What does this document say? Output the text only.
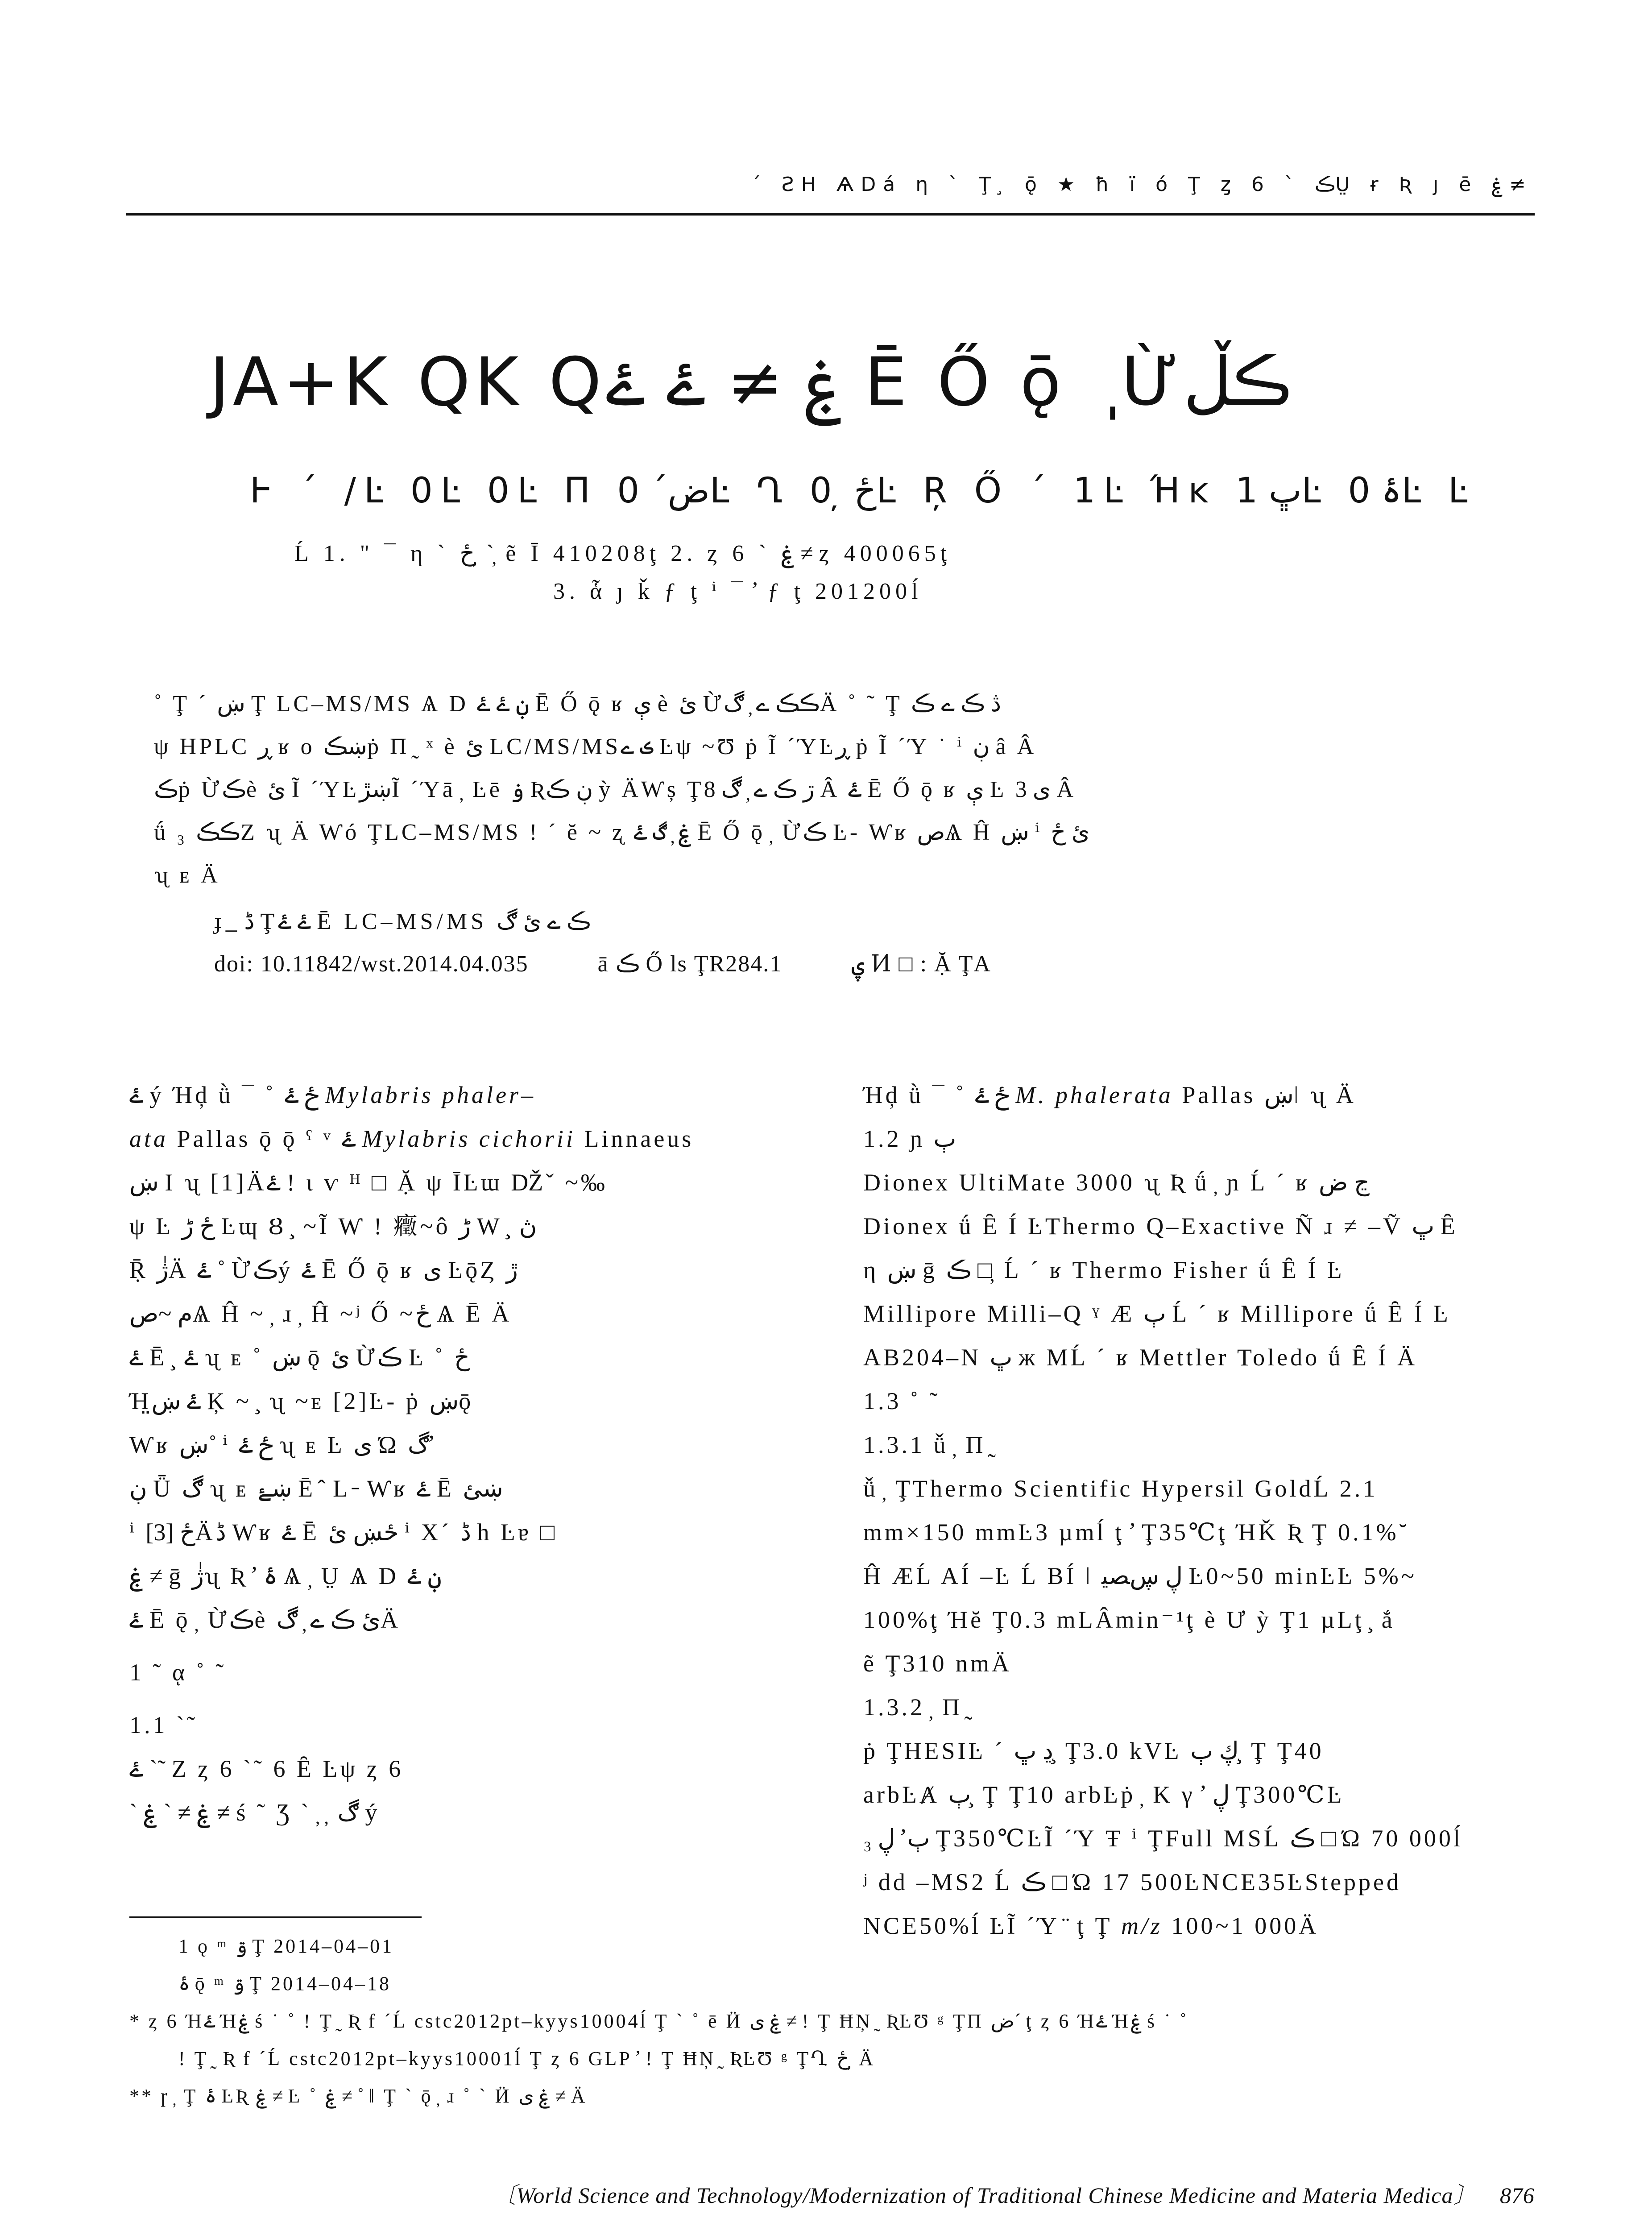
ˊ ƧΗ ѦDá η ˋ Ţ ̧ ǭ ★ ħ ї ó Ţ ȥ 6 ˋ ڪṲ ɍ Ʀ ȷ ē ۼ ≠
JA+K QK Qۼ ≠ ۓ ۓ Ē Ő ǭ ֽ Ừڪڵ
Ͱ ˊ /Ŀ 0Ŀ 0Ŀ Π ضˊ 0Ŀ Ղ ځ ̦ 0Ŀ Ŗ Ő ˊ 1Ŀ Ήĸ ڀ 1Ŀ ۂ 0Ŀ Ŀ
Ĺ 1. " ¯ η ˋ ځ ̦ ˋ ̦ ẽ Ī 410208ţ 2. ȥ 6 ˋ ۼ ≠ ȥ 400065ţ
3. ἇ ȷ ǩ ƒ ţ ⁱ ¯ ̛ ƒ ţ 201200ĺ

˚ Ţ ˊ ښ Ţ LC–MS/MS Ѧ D ڹ ۓ ۓ Ē Ő ǭ ʁ ې è ئ Ừڪڪ ے ̦ ڰÄ ˚ ˜ Ţ ڎ ڪ ے ڪ

ψ HPLC ڕ ʁ o ښڪṗ Π ̰ ˣ è ئ LC/MS/MSڪ ے Ŀψ ~Ʊ ṗ Ĩ ˊΎĿڕ ṗ Ĩ ˊΎ ˙ ⁱ ڹ â Â

ڪṗ Ừڪè ئ Ĩ ˊΎĿښڙĨ ˊΎā ̦ Ŀē ۏ Ʀڹ ڪ ỳ ÄⱲș Ţڗ ڪ ے ̦ ڰ 8 Â ۓ Ē Ő ǭ ʁ ې Ŀ ی 3 Â

ǘ ₃ ڪڪΖ ʯ Ä Ⱳó ŢLC–MS/MS ǃ ˊ ĕ ~ ʐ ۼ ̦ ڰ ۓ Ē Ő ǭ ̦ Ừڪ Ŀ- Ⱳʁ صѦ Ĥ ښ ⁱ ئ ځ

ʯ ᴇ Ä

ɟ ̲ ڈ Ţۓ ۓ Ē LC–MS/MS ڪ ے ئ ڰ
doi: 10.11842/wst.2014.04.035	ā ڪ Ő ls ŢR284.1	ۑ Ͷ □ : Ặ ŢA

ۓ ý Ήḑ ǜ ¯ ˚ ځ ۓ Mylabris phaler–

ata Pallas ǭ ǭ ˤ ᵛ ۓ Mylabris cichorii Linnaeus

ښ Ι ʯ [1]Äۓ ǃ ɩ ѵ ᴴ □ Ặ ψ ῙĿɯ Ǆˇ ~‰

ψ Ŀ ځ ڑ Ŀɰ Ȣ ̧ ~Ĩ Ⱳ ǃ 癥~ô ڑ W ̧ ڽ

Ṝ ژٰÄ ۓ ˚ Ừڪý ۓ Ē Ő ǭ ʁ ی ĿǭȤ ڙ

م ~صѦ Ĥ ~ ̦ ɹ ̦ Ĥ ~ʲ Ő ~ځ Ѧ Ē Ä

ۓ Ē ̧ ۓ ʯ ᴇ ˚ ښ ǭ ئ Ừڪ Ŀ ˚ ځ

Ήۓ ښ̤ Ķ ~ ̧ ʯ ~ᴇ [2]Ŀ- ṗ ښǭ

Ⱳʁ ښ˚ ⁱ ځ ۓ ʯ ᴇ Ŀ ی Ώ ڰ ̛

ڹ Ǖ ڰ ʯ ᴇ ښۓ Ē ̂ L ̵ Ⱳʁ ۓ Ē ښئ

ⁱ ځ [3]Äڈ Ⱳʁ ۓ Ē ځښ ئ ⁱ Χˊ ڈ h Ŀɐ □

ۼ ≠ ḡ ژٰʯ Ʀ ̛ ۂ Ѧ ̦ Ṳ Ѧ D ڹ ۓ

ۓ Ē ǭ ̦ Ừڪè ئ ڪ ے ̦ ڰÄ

1 ˜ ᾳ ˚ ˜

1.1 ˋ˜

ۓ ˋ˜ Ζ ȥ 6 ˋ˜ 6 Ȇ Ŀψ ȥ 6

ˋ ۼ ≠ ˋ ۼ ≠ ś ˜ Ʒ ˋ ̦ ̦ ڰ ý

Ήḑ ǜ ¯ ˚ ځ ۓ M. phalerata Pallas ښǀ ʯ Ä

1.2 ɲ ٻ

Dionex UltiMate 3000 ʯ Ʀ ǘ ̦ ɲ Ĺ ˊ ʁ ڃ ض

Dionex ǘ Ȇ Í ĿThermo Q–Exactive Ñ ɹ ≠ –Ṽ ڀ Ȇ

η ښ ḡ ڪ □ ̦ Ĺ ˊ ʁ Thermo Fisher ǘ Ȇ Í Ŀ

Millipore Milli–Q ˠ Æ ٻ Ĺ ˊ ʁ Millipore ǘ Ȇ Í Ŀ

AB204–N ڀ ж ΜĹ ˊ ʁ Mettler Toledo ǘ Ȇ Í Ä

1.3 ˚ ˜

1.3.1 ǚ ̦ Π ̰

ǚ ̦ ŢThermo Scientific Hypersil GoldĹ 2.1

mm×150 mmĿ3 µmĺ ţ ̛ Ţ35℃ţ ΉǨ Ʀ Ţ 0.1%˘

Ĥ ÆĹ AÍ –Ŀ Ĺ BÍ ǀ ڸ ڛﺼﯿ Ŀ0~50 minĿĿ 5%~

100%ţ Ήĕ Ţ0.3 mLÂmin⁻¹ţ è Ư ỳ Ţ1 µLţ ̧ ắ

ẽ Ţ310 nmÄ

1.3.2 ̦ Π ̰

ṗ ŢHESIĿ ˊ ڍ ڀ ̧ Ţ3.0 kVĿ ڮ ٻ ̧ Ţ Ţ40

arbĿȺ ٻ ̧ Ţ Ţ10 arbĿṗ ̦ Κ γ ̛ ڸ Ţ300℃Ŀ

₃ ٻ ̛ ڸ Ţ350℃ĿĨ ˊΎ Ŧ ⁱ ŢFull MSĹ ڪ □ Ώ 70 000ĺ

ʲ dd –MS2 Ĺ ڪ □ Ώ 17 500ĿNCE35ĿStepped

NCE50%ĺ ĿĨ ˊΎ ̈ ţ Ţ m/z 100~1 000Ä

1 ǫ ᵐ ۊ Ţ 2014–04–01

ۂ ǭ ᵐ ۊ Ţ 2014–04–18

* ȥ 6 Ήۓ Ήۼ ś ˙ ˚ ǃ Ţ ̰ Ʀ f ˊĹ cstc2012pt–kyys10004ĺ Ţ ˋ ˚ ē Ӥ ۼ ی ≠ ǃ Ţ ĦŅ ̰ ƦĿƱ ᵍ ŢΠ ضˊ ţ ȥ 6 Ήۓ Ήۼ ś ˙ ˚

ǃ Ţ ̰ Ʀ f ˊĹ cstc2012pt–kyys10001ĺ Ţ ȥ 6 GLP ̛ ǃ Ţ ĦŅ ̰ ƦĿƱ ᵍ ŢՂ ځ ̦ Ä

** ɼ ̦ Ţ ۂ ĿƦ ۼ ≠ Ŀ ˚ ۼ ≠ ˚ ǁ Ţ ˋ ǭ ̦ ɹ ˚ ˋ Ӥ ۼ ی ≠ Ä

〔World Science and Technology/Modernization of Traditional Chinese Medicine and Materia Medica〕 876
